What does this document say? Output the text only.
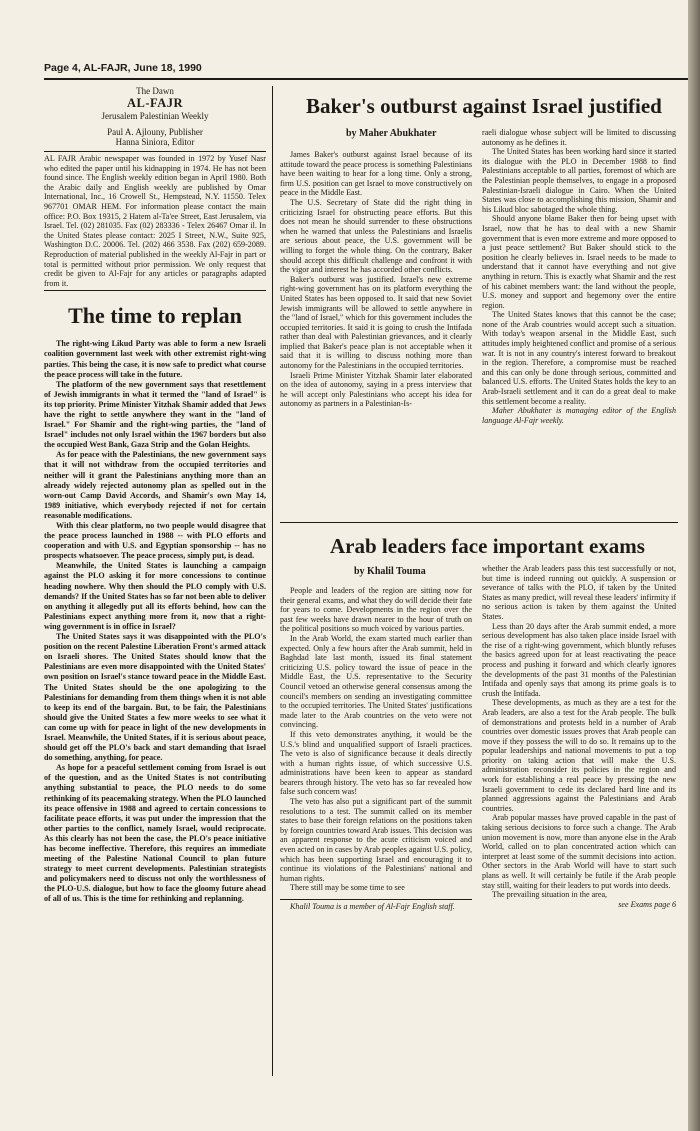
Page 4, AL-FAJR, June 18, 1990
The Dawn
AL-FAJR
Jerusalem Palestinian Weekly
Paul A. Ajlouny, Publisher
Hanna Siniora, Editor
AL FAJR Arabic newspaper was founded in 1972 by Yusef Nasr who edited the paper until his kidnapping in 1974. He has not been found since. The English weekly edition began in April 1980. Both the Arabic daily and English weekly are published by Omar International, Inc., 16 Crowell St., Hempstead, N.Y. 11550. Telex 967701 OMAR HEM. For information please contact the main office: P.O. Box 19315, 2 Hatem al-Ta'ee Street, East Jerusalem, via Israel. Tel. (02) 281035. Fax (02) 283336 - Telex 26467 Omar il. In the United States please contact: 2025 I Street, N.W., Suite 925, Washington D.C. 20006. Tel. (202) 466 3538. Fax (202) 659-2089. Reproduction of material published in the weekly Al-Fajr in part or total is permitted without prior permission. We only request that credit be given to Al-Fajr for any articles or paragraphs adapted from it.
The time to replan

The right-wing Likud Party was able to form a new Israeli coalition government last week with other extremist right-wing parties. This being the case, it is now safe to predict what course the peace process will take in the future.

The platform of the new government says that resettlement of Jewish immigrants in what it termed the "land of Israel" is its top priority. Prime Minister Yitzhak Shamir added that Jews have the right to settle anywhere they want in the "land of Israel." For Shamir and the right-wing parties, the "land of Israel" includes not only Israel within the 1967 borders but also the occupied West Bank, Gaza Strip and the Golan Heights.

As for peace with the Palestinians, the new government says that it will not withdraw from the occupied territories and neither will it grant the Palestinians anything more than an already widely rejected autonomy plan as spelled out in the worn-out Camp David Accords, and Shamir's own May 14, 1989 initiative, which everybody rejected if not for certain reasonable modifications.

With this clear platform, no two people would disagree that the peace process launched in 1988 -- with PLO efforts and cooperation and with U.S. and Egyptian sponsorship -- has no prospects whatsoever. The peace process, simply put, is dead.

Meanwhile, the United States is launching a campaign against the PLO asking it for more concessions to continue heading nowhere. Why then should the PLO comply with U.S. demands? If the United States has so far not been able to deliver on anything it allegedly put all its efforts behind, how can the Palestinians expect anything more from it, now that a right-wing government is in office in Israel?

The United States says it was disappointed with the PLO's position on the recent Palestine Liberation Front's armed attack on Israeli shores. The United States should know that the Palestinians are even more disappointed with the United States' own position on Israel's stance toward peace in the Middle East. The United States should be the one apologizing to the Palestinians for demanding from them things when it is not able to keep its end of the bargain. But, to be fair, the Palestinians should give the United States a few more weeks to see what it can come up with for peace in light of the new developments in Israel. Meanwhile, the United States, if it is serious about peace, should get off the PLO's back and start demanding that Israel do something, anything, for peace.

As hope for a peaceful settlement coming from Israel is out of the question, and as the United States is not contributing anything substantial to peace, the PLO needs to do some rethinking of its peacemaking strategy. When the PLO launched its peace offensive in 1988 and agreed to certain concessions to facilitate peace efforts, it was put under the impression that the other parties to the conflict, namely Israel, would reciprocate. As this clearly has not been the case, the PLO's peace initiative has become ineffective. Therefore, this requires an immediate meeting of the Palestine National Council to plan future strategy to meet current developments. Palestinian strategists and policymakers need to discuss not only the worthlessness of the PLO-U.S. dialogue, but how to face the gloomy future ahead of all of us. This is the time for rethinking and replanning.

Baker's outburst against Israel justified
by Maher Abukhater

James Baker's outburst against Israel because of its attitude toward the peace process is something Palestinians have been waiting to hear for a long time. Only a strong, firm U.S. position can get Israel to move constructively on peace in the Middle East.

The U.S. Secretary of State did the right thing in criticizing Israel for obstructing peace efforts. But this does not mean he should surrender to these obstructions when he warned that unless the Palestinians and Israelis are serious about peace, the U.S. government will be willing to forget the whole thing. On the contrary, Baker should accept this difficult challenge and confront it with the vigor and interest he has accorded other conflicts.

Baker's outburst was justified. Israel's new extreme right-wing government has on its platform everything the United States has been opposed to. It said that new Soviet Jewish immigrants will be allowed to settle anywhere in the "land of Israel," which for this government includes the occupied territories. It said it is going to crush the Intifada rather than deal with Palestinian grievances, and it clearly implied that Baker's peace plan is not acceptable when it said that it is willing to discuss nothing more than autonomy for the Palestinians in the occupied territories.

Israeli Prime Minister Yitzhak Shamir later elaborated on the idea of autonomy, saying in a press interview that he will accept only Palestinians who accept his idea for autonomy as partners in a Palestinian-Is-

raeli dialogue whose subject will be limited to discussing autonomy as he defines it.

The United States has been working hard since it started its dialogue with the PLO in December 1988 to find Palestinians acceptable to all parties, foremost of which are the Palestinian people themselves, to engage in a proposed Palestinian-Israeli dialogue in Cairo. When the United States was close to accomplishing this mission, Shamir and his Likud bloc sabotaged the whole thing.

Should anyone blame Baker then for being upset with Israel, now that he has to deal with a new Shamir government that is even more extreme and more opposed to a just peace settlement? But Baker should stick to the position he clearly believes in. Israel needs to be made to understand that it cannot have everything and not give anything in return. This is exactly what Shamir and the rest of his cabinet members want: the land without the people, U.S. money and support and hegemony over the entire region.

The United States knows that this cannot be the case; none of the Arab countries would accept such a situation. With today's weapon arsenal in the Middle East, such attitudes imply heightened conflict and promise of a serious war. It is not in any country's interest forward to breakout in the region. Therefore, a compromise must be reached and this can only be done through serious, committed and balanced U.S. efforts. The United States holds the key to an Arab-Israeli settlement and it can do a great deal to make this settlement become a reality.

Maher Abukhater is managing editor of the English language Al-Fajr weekly.

Arab leaders face important exams
by Khalil Touma

People and leaders of the region are sitting now for their general exams, and what they do will decide their fate for years to come. Developments in the region over the past few weeks have drawn nearer to the hour of truth on the political positions so much voiced by various parties.

In the Arab World, the exam started much earlier than expected. Only a few hours after the Arab summit, held in Baghdad late last month, issued its final statement criticizing U.S. policy toward the issue of peace in the Middle East, the U.S. representative to the Security Council vetoed an otherwise general consensus among the council's members on sending an investigating committee to the occupied territories. The United States' justifications made later to the Arab countries on the veto were not convincing.

If this veto demonstrates anything, it would be the U.S.'s blind and unqualified support of Israeli practices. The veto is also of significance because it deals directly with a human rights issue, of which successive U.S. administrations have been keen to appear as standard bearers through history. The veto has so far revealed how false such concern was!

The veto has also put a significant part of the summit resolutions to a test. The summit called on its member states to base their foreign relations on the positions taken by foreign countries toward Arab issues. This decision was an apparent response to the acute criticism voiced and even acted on in cases by Arab peoples against U.S. policy, which has been supporting Israel and encouraging it to continue its violations of the Palestinians' national and human rights.

There still may be some time to see

Khalil Touma is a member of Al-Fajr English staff.

whether the Arab leaders pass this test successfully or not, but time is indeed running out quickly. A suspension or severance of talks with the PLO, if taken by the United States as many predict, will reveal these leaders' infirmity if no serious action is taken by them against the United States.

Less than 20 days after the Arab summit ended, a more serious development has also taken place inside Israel with the rise of a right-wing government, which bluntly refuses the basics agreed upon for at least reactivating the peace process and pushing it forward and which clearly ignores the developments of the past 31 months of the Palestinian Intifada and openly says that among its prime goals is to crush the Intifada.

These developments, as much as they are a test for the Arab leaders, are also a test for the Arab people. The bulk of demonstrations and protests held in a number of Arab countries over domestic issues proves that Arab people can move if they possess the will to do so. It remains up to the popular leaderships and national movements to put a top priority on taking action that will make the U.S. administration reconsider its policies in the region and work for establishing a real peace by pressing the new Israeli government to cede its declared hard line and its planned aggressions against the Palestinians and Arab countries.

Arab popular masses have proved capable in the past of taking serious decisions to force such a change. The Arab union movement is now, more than anyone else in the Arab World, called on to plan concentrated action which can interpret at least some of the summit decisions into action. Other sectors in the Arab World will have to start such plans as well. It will certainly be futile if the Arab people stay still, waiting for their leaders to put words into deeds.

The prevailing situation in the area,

see Exams page 6
